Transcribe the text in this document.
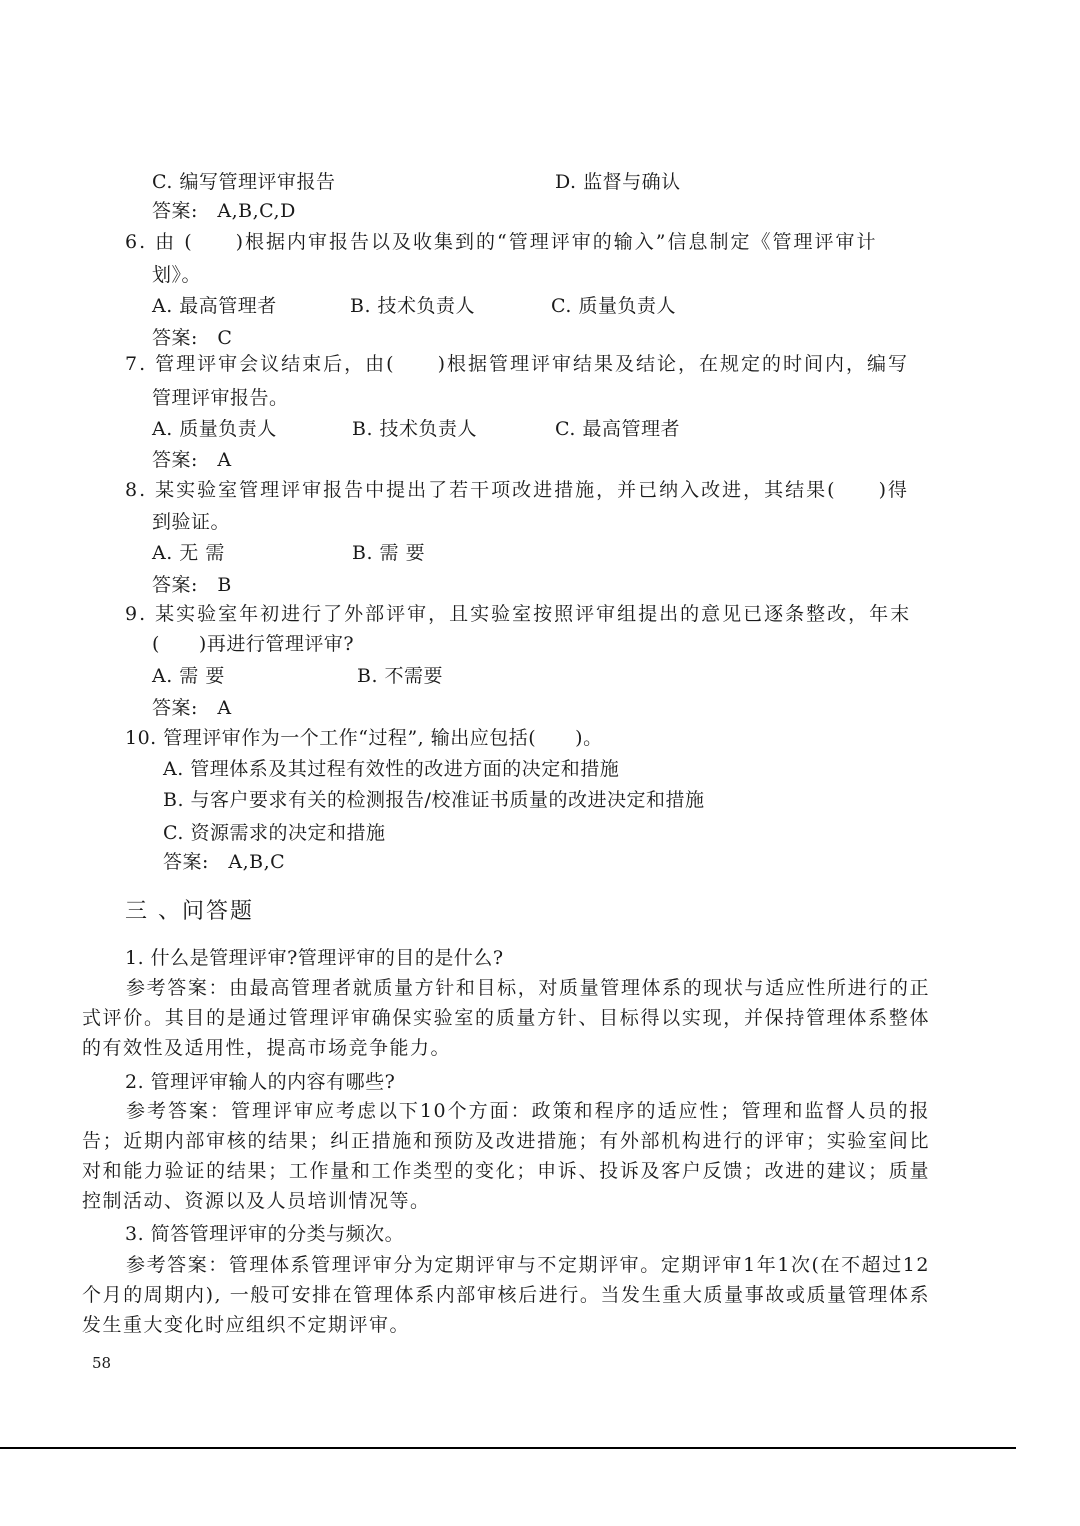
C. 编写管理评审报告	D. 监督与确认
答案:　A,B,C,D
6. 由 (　　)根据内审报告以及收集到的“管理评审的输入”信息制定《管理评审计
划》。
A. 最高管理者	B. 技术负责人	C. 质量负责人
答案:　C
7. 管理评审会议结束后，由(　　)根据管理评审结果及结论，在规定的时间内，编写
管理评审报告。
A. 质量负责人	B. 技术负责人	C. 最高管理者
答案:　A
8. 某实验室管理评审报告中提出了若干项改进措施，并已纳入改进，其结果(　　)得
到验证。
A. 无 需	B. 需 要
答案:　B
9. 某实验室年初进行了外部评审，且实验室按照评审组提出的意见已逐条整改，年末
(　　)再进行管理评审?
A. 需 要	B. 不需要
答案:　A
10. 管理评审作为一个工作“过程”, 输出应包括(　　)。
A. 管理体系及其过程有效性的改进方面的决定和措施
B. 与客户要求有关的检测报告/校准证书质量的改进决定和措施
C. 资源需求的决定和措施
答案:　A,B,C
三 、问答题
1. 什么是管理评审?管理评审的目的是什么?
参考答案：由最高管理者就质量方针和目标，对质量管理体系的现状与适应性所进行的正式评价。其目的是通过管理评审确保实验室的质量方针、目标得以实现，并保持管理体系整体的有效性及适用性，提高市场竞争能力。
2. 管理评审输人的内容有哪些?
参考答案：管理评审应考虑以下10个方面：政策和程序的适应性；管理和监督人员的报告；近期内部审核的结果；纠正措施和预防及改进措施；有外部机构进行的评审；实验室间比对和能力验证的结果；工作量和工作类型的变化；申诉、投诉及客户反馈；改进的建议；质量控制活动、资源以及人员培训情况等。
3. 简答管理评审的分类与频次。
参考答案：管理体系管理评审分为定期评审与不定期评审。定期评审1年1次(在不超过12个月的周期内), 一般可安排在管理体系内部审核后进行。当发生重大质量事故或质量管理体系发生重大变化时应组织不定期评审。
58
